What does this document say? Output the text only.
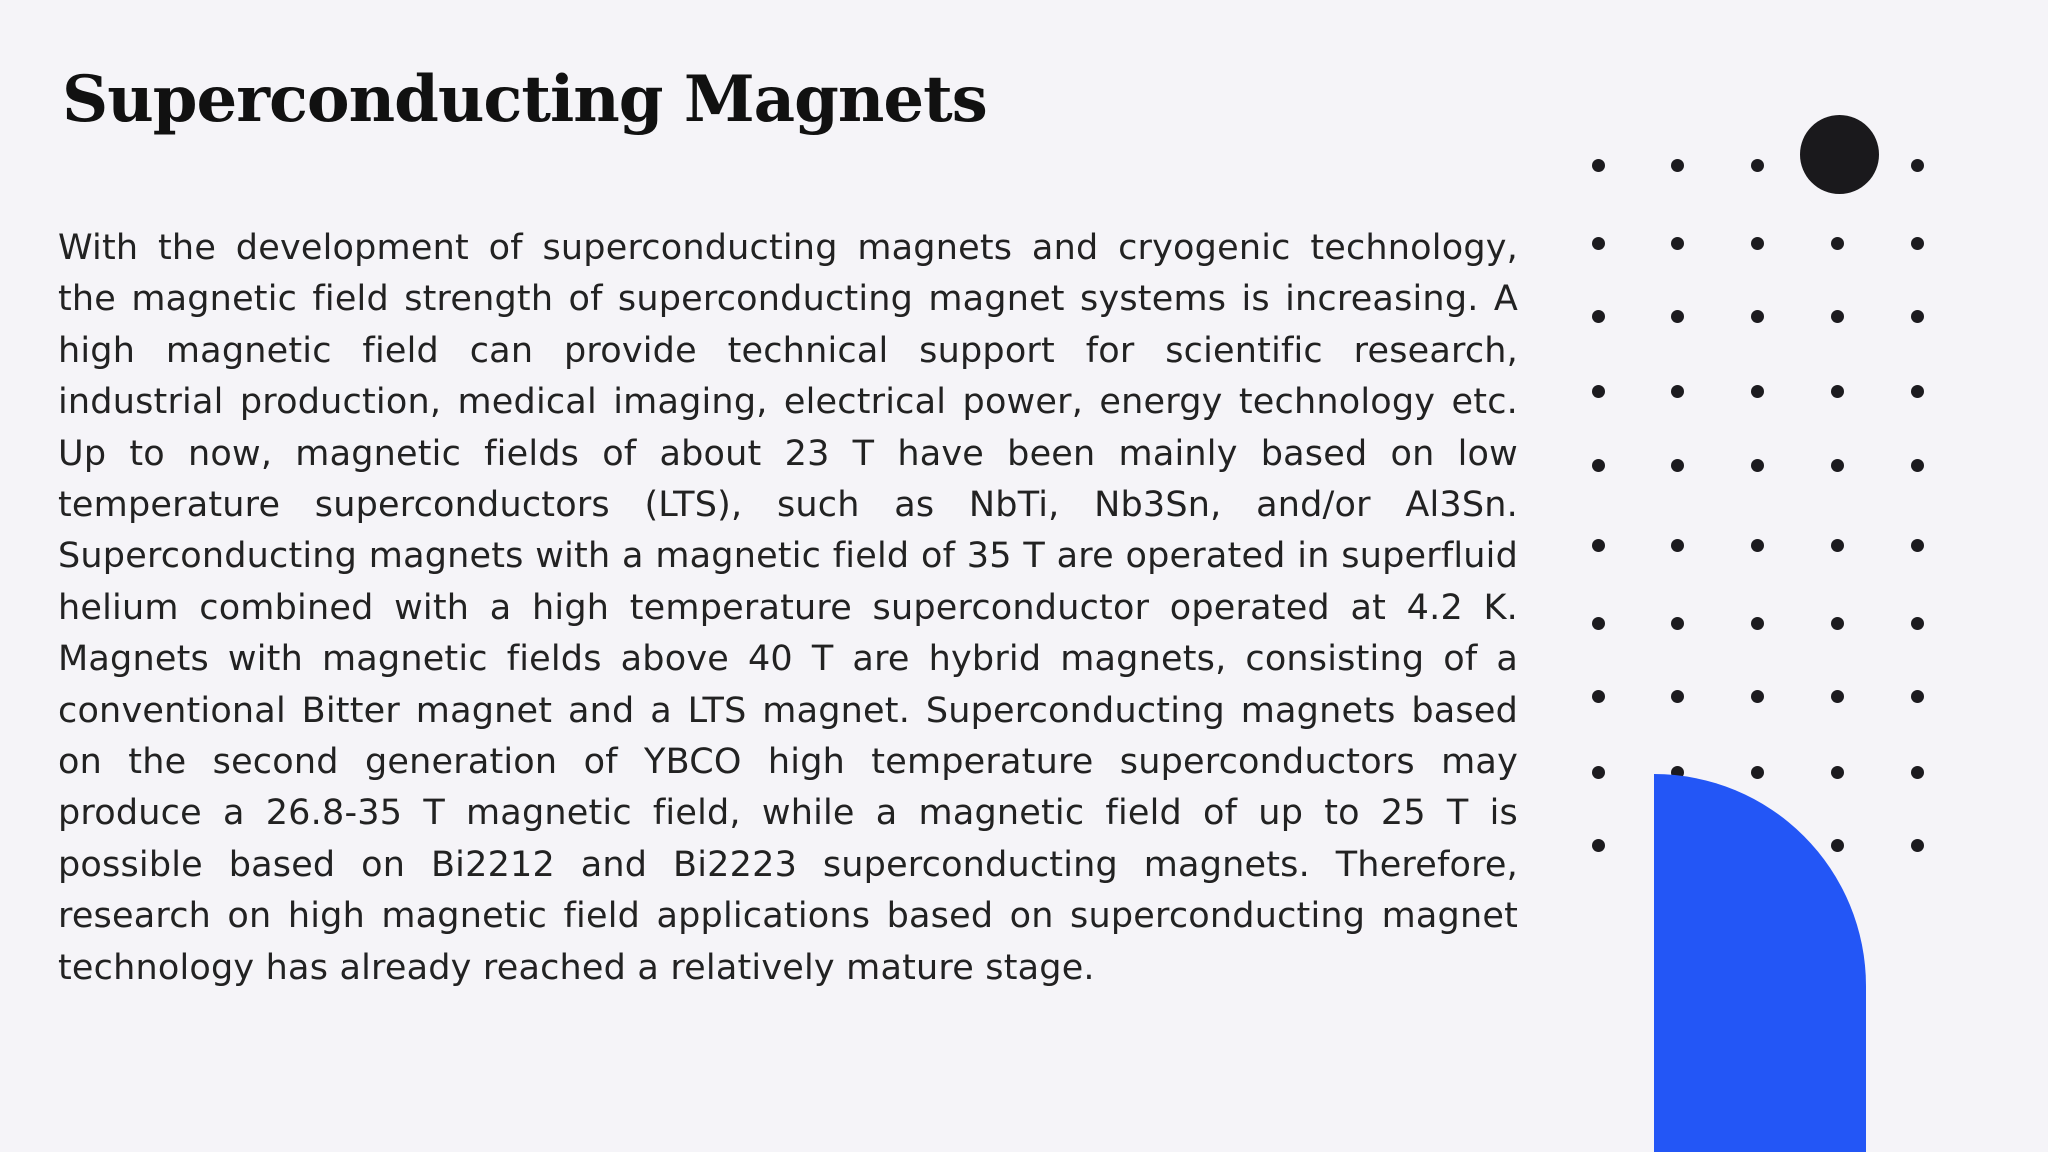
Superconducting Magnets

With the development of superconducting magnets and cryogenic technology, the magnetic field strength of superconducting magnet systems is increasing. A high magnetic field can provide technical support for scientific research, industrial production, medical imaging, electrical power, energy technology etc. Up to now, magnetic fields of about 23 T have been mainly based on low temperature superconductors (LTS), such as NbTi, Nb3Sn, and/or Al3Sn. Superconducting magnets with a magnetic field of 35 T are operated in superfluid helium combined with a high temperature superconductor operated at 4.2 K. Magnets with magnetic fields above 40 T are hybrid magnets, consisting of a conventional Bitter magnet and a LTS magnet. Superconducting magnets based on the second generation of YBCO high temperature superconductors may produce a 26.8-35 T magnetic field, while a magnetic field of up to 25 T is possible based on Bi2212 and Bi2223 superconducting magnets. Therefore, research on high magnetic field applications based on superconducting magnet technology has already reached a relatively mature stage.
